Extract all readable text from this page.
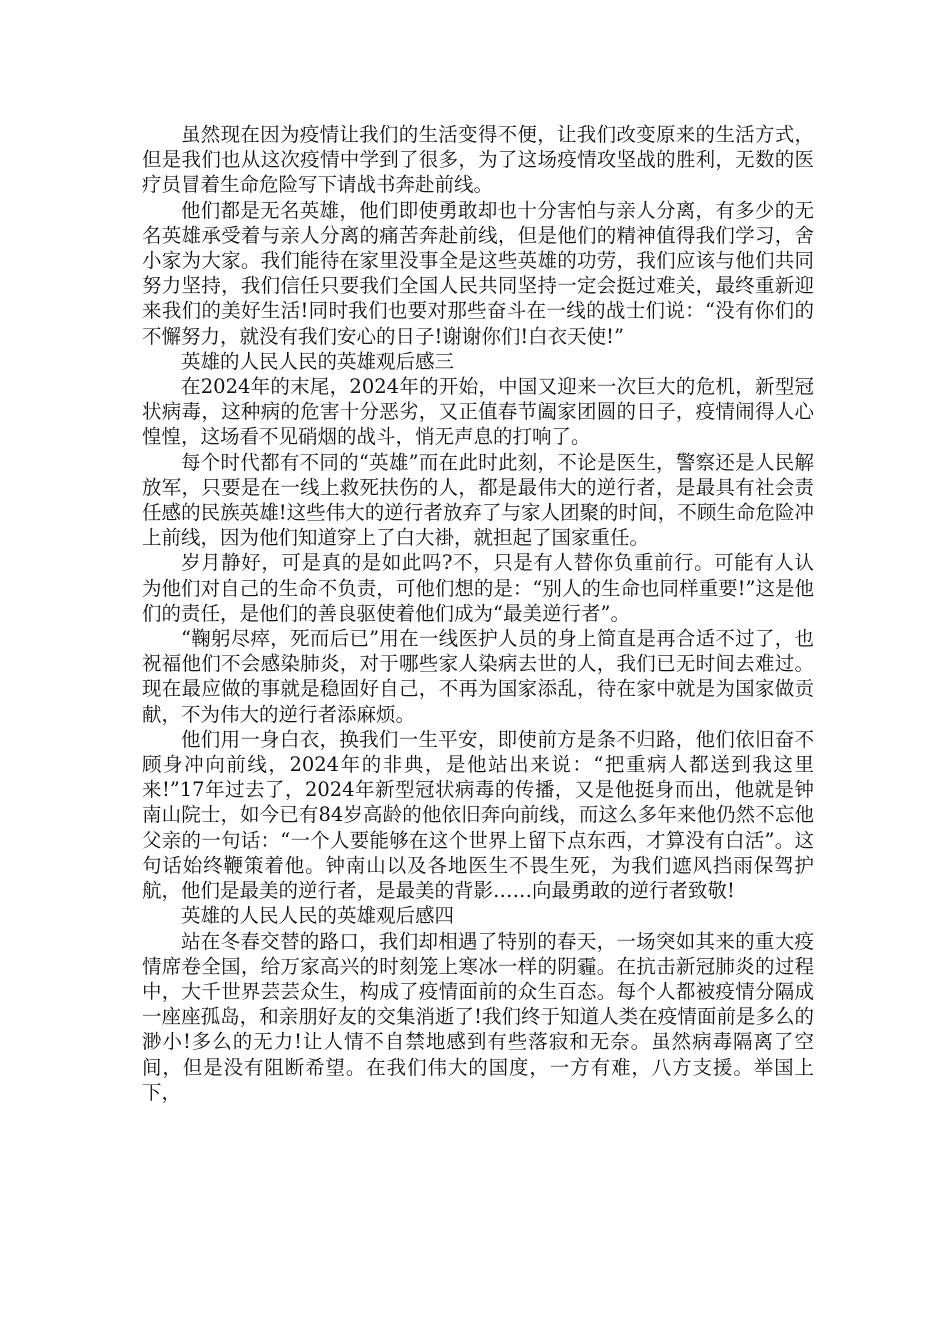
虽然现在因为疫情让我们的生活变得不便，让我们改变原来的生活方式，但是我们也从这次疫情中学到了很多，为了这场疫情攻坚战的胜利，无数的医疗员冒着生命危险写下请战书奔赴前线。

他们都是无名英雄，他们即使勇敢却也十分害怕与亲人分离，有多少的无名英雄承受着与亲人分离的痛苦奔赴前线，但是他们的精神值得我们学习，舍小家为大家。我们能待在家里没事全是这些英雄的功劳，我们应该与他们共同努力坚持，我们信任只要我们全国人民共同坚持一定会挺过难关，最终重新迎来我们的美好生活!同时我们也要对那些奋斗在一线的战士们说：“没有你们的不懈努力，就没有我们安心的日子!谢谢你们!白衣天使!”

英雄的人民人民的英雄观后感三

在2024年的末尾，2024年的开始，中国又迎来一次巨大的危机，新型冠状病毒，这种病的危害十分恶劣，又正值春节阖家团圆的日子，疫情闹得人心惶惶，这场看不见硝烟的战斗，悄无声息的打响了。

每个时代都有不同的“英雄”而在此时此刻，不论是医生，警察还是人民解放军，只要是在一线上救死扶伤的人，都是最伟大的逆行者，是最具有社会责任感的民族英雄!这些伟大的逆行者放弃了与家人团聚的时间，不顾生命危险冲上前线，因为他们知道穿上了白大褂，就担起了国家重任。

岁月静好，可是真的是如此吗?不，只是有人替你负重前行。可能有人认为他们对自己的生命不负责，可他们想的是：“别人的生命也同样重要!”这是他们的责任，是他们的善良驱使着他们成为“最美逆行者”。

“鞠躬尽瘁，死而后已”用在一线医护人员的身上简直是再合适不过了，也祝福他们不会感染肺炎，对于哪些家人染病去世的人，我们已无时间去难过。现在最应做的事就是稳固好自己，不再为国家添乱，待在家中就是为国家做贡献，不为伟大的逆行者添麻烦。

他们用一身白衣，换我们一生平安，即使前方是条不归路，他们依旧奋不顾身冲向前线，2024年的非典，是他站出来说：“把重病人都送到我这里来!”17年过去了，2024年新型冠状病毒的传播，又是他挺身而出，他就是钟南山院士，如今已有84岁高龄的他依旧奔向前线，而这么多年来他仍然不忘他父亲的一句话：“一个人要能够在这个世界上留下点东西，才算没有白活”。这句话始终鞭策着他。钟南山以及各地医生不畏生死，为我们遮风挡雨保驾护航，他们是最美的逆行者，是最美的背影……向最勇敢的逆行者致敬!

英雄的人民人民的英雄观后感四

站在冬春交替的路口，我们却相遇了特别的春天，一场突如其来的重大疫情席卷全国，给万家高兴的时刻笼上寒冰一样的阴霾。在抗击新冠肺炎的过程中，大千世界芸芸众生，构成了疫情面前的众生百态。每个人都被疫情分隔成一座座孤岛，和亲朋好友的交集消逝了!我们终于知道人类在疫情面前是多么的渺小!多么的无力!让人情不自禁地感到有些落寂和无奈。虽然病毒隔离了空间，但是没有阻断希望。在我们伟大的国度，一方有难，八方支援。举国上下，
